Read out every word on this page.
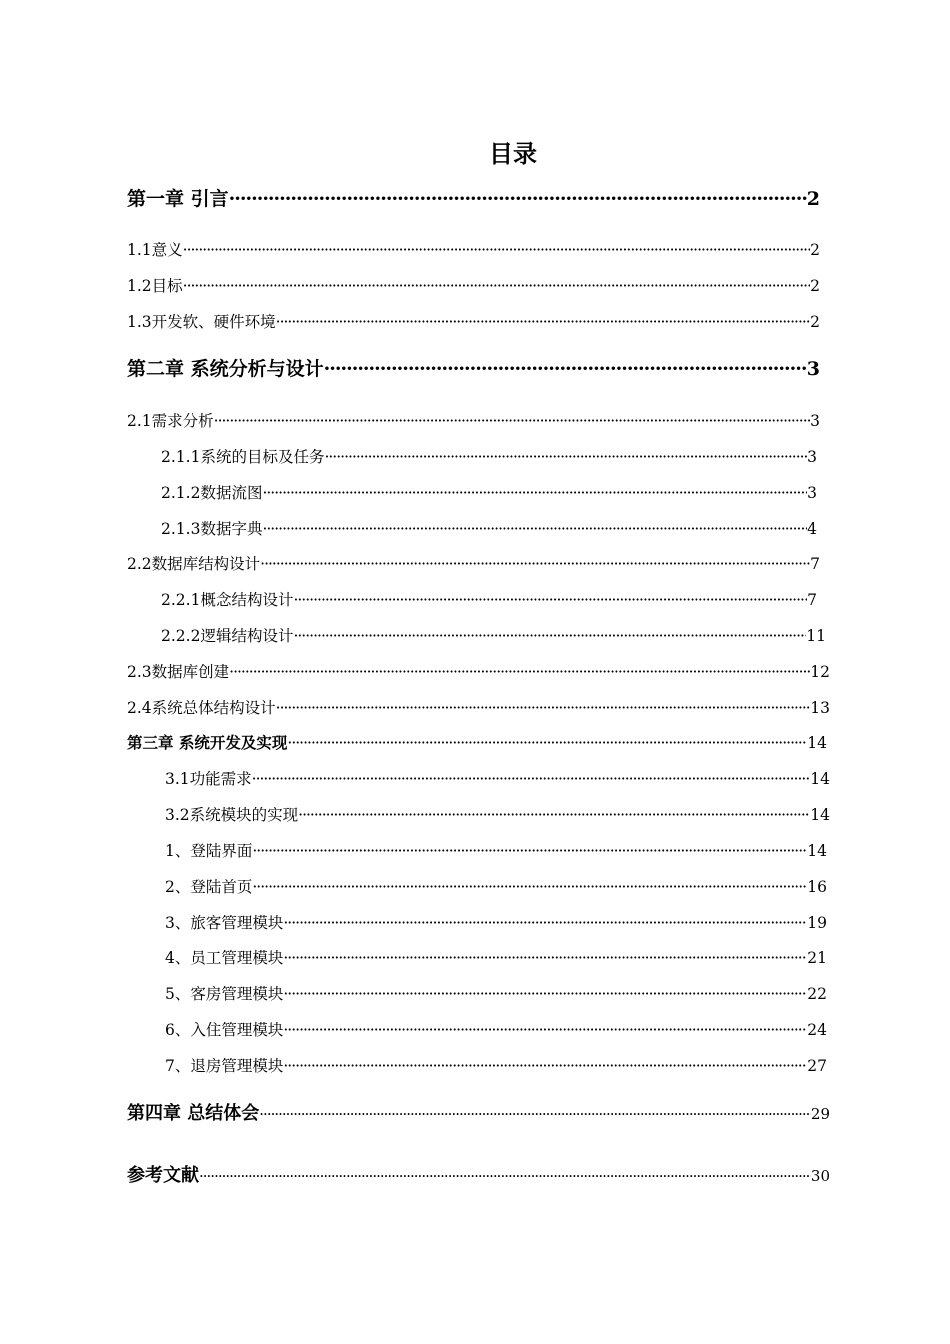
目录
第一章 引言 ·····	2
1.1意义 ·····	2
1.2目标 ·····	2
1.3开发软、硬件环境 ·····	2
第二章 系统分析与设计 ·····	3
2.1需求分析 ·····	3
2.1.1系统的目标及任务 ·····	3
2.1.2数据流图 ·····	3
2.1.3数据字典 ·····	4
2.2数据库结构设计 ·····	7
2.2.1概念结构设计 ·····	7
2.2.2逻辑结构设计 ·····	11
2.3数据库创建 ·····	12
2.4系统总体结构设计 ·····	13
第三章 系统开发及实现 ·····	14
3.1功能需求 ·····	14
3.2系统模块的实现 ·····	14
1、登陆界面 ·····	14
2、登陆首页 ·····	16
3、旅客管理模块 ·····	19
4、员工管理模块 ·····	21
5、客房管理模块 ·····	22
6、入住管理模块 ·····	24
7、退房管理模块 ·····	27
第四章 总结体会 ·····	29
参考文献 ·····	30
